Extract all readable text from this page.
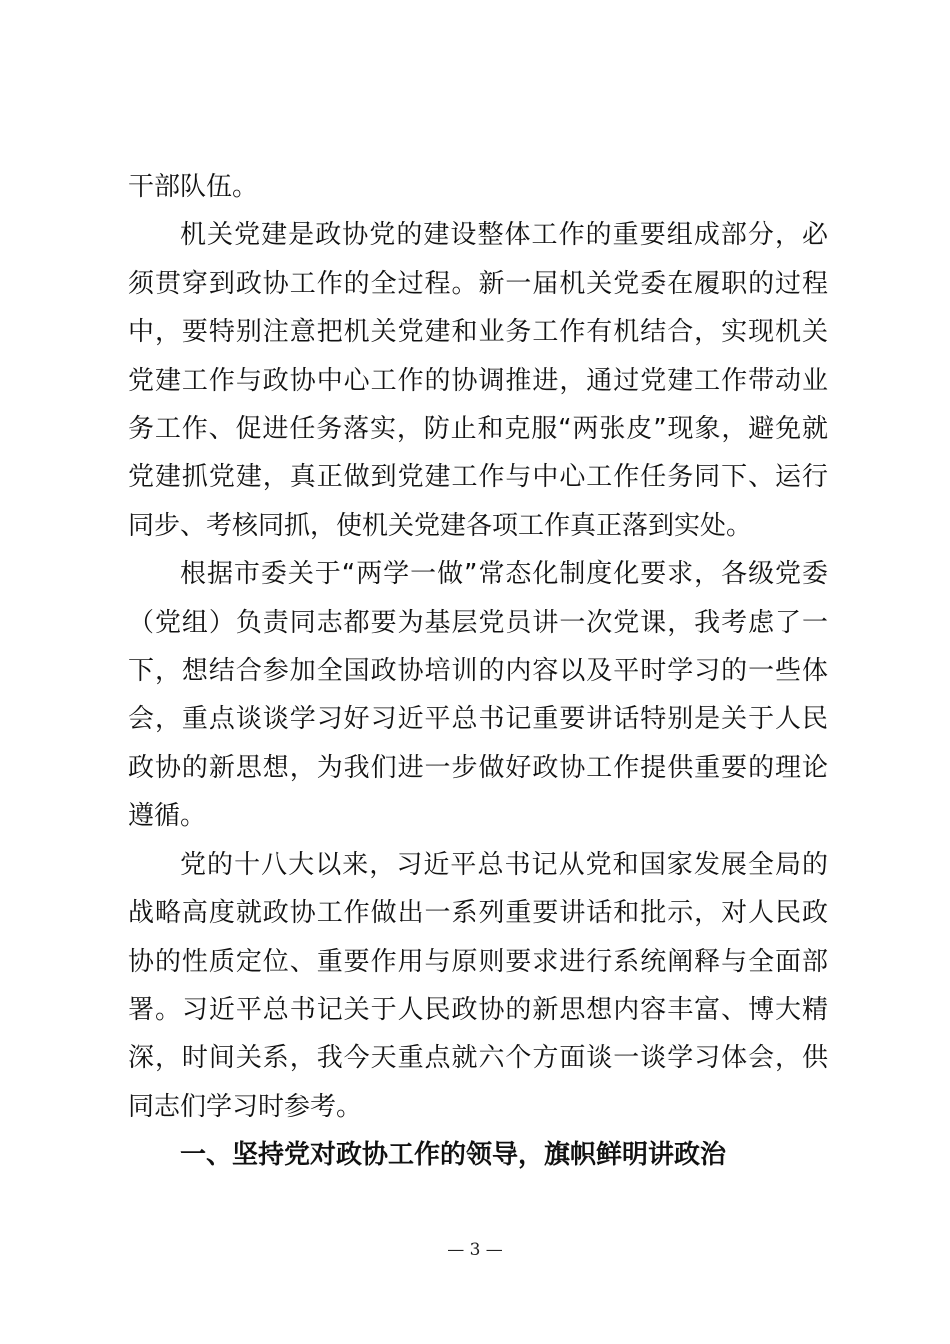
干部队伍。

机关党建是政协党的建设整体工作的重要组成部分，必须贯穿到政协工作的全过程。新一届机关党委在履职的过程中，要特别注意把机关党建和业务工作有机结合，实现机关党建工作与政协中心工作的协调推进，通过党建工作带动业务工作、促进任务落实，防止和克服“两张皮”现象，避免就党建抓党建，真正做到党建工作与中心工作任务同下、运行同步、考核同抓，使机关党建各项工作真正落到实处。

根据市委关于“两学一做”常态化制度化要求，各级党委（党组）负责同志都要为基层党员讲一次党课，我考虑了一下，想结合参加全国政协培训的内容以及平时学习的一些体会，重点谈谈学习好习近平总书记重要讲话特别是关于人民政协的新思想，为我们进一步做好政协工作提供重要的理论遵循。

党的十八大以来，习近平总书记从党和国家发展全局的战略高度就政协工作做出一系列重要讲话和批示，对人民政协的性质定位、重要作用与原则要求进行系统阐释与全面部署。习近平总书记关于人民政协的新思想内容丰富、博大精深，时间关系，我今天重点就六个方面谈一谈学习体会，供同志们学习时参考。

一、坚持党对政协工作的领导，旗帜鲜明讲政治

— 3 —
